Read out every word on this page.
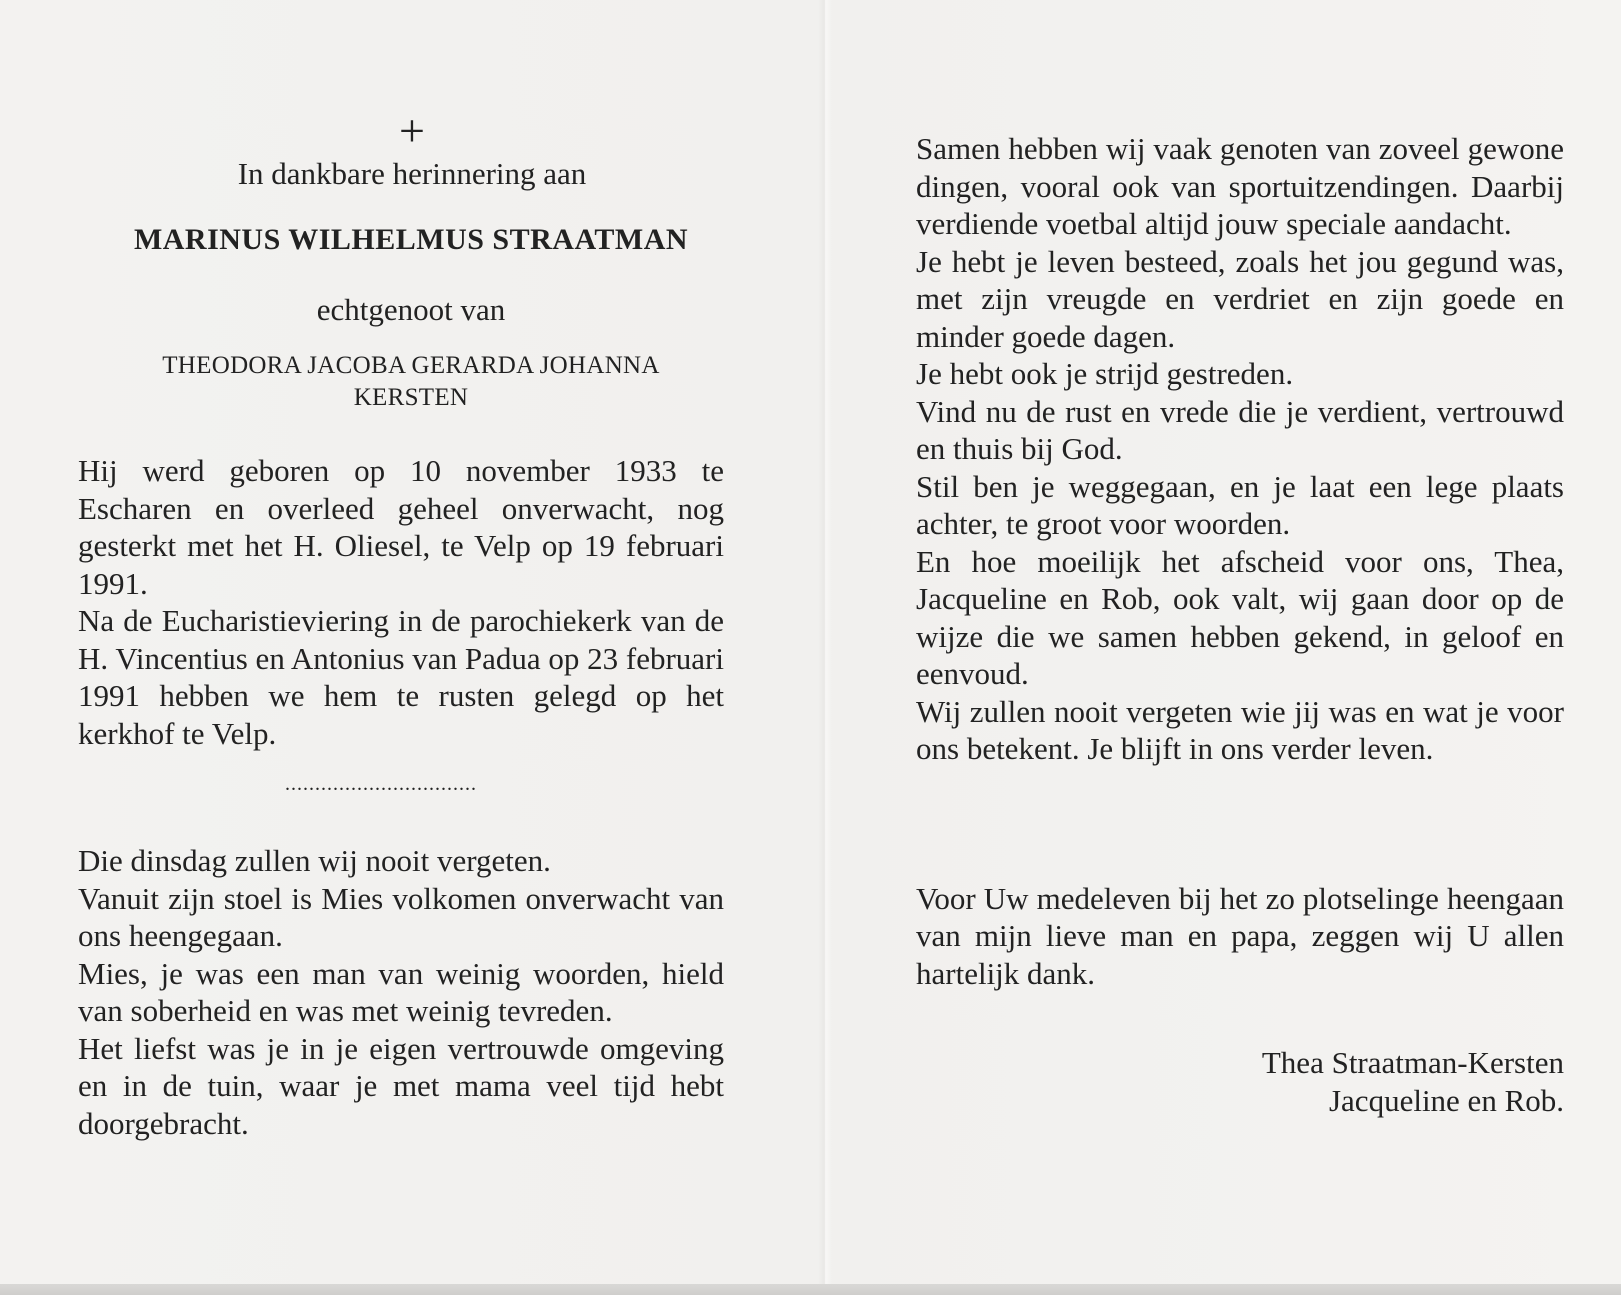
+
In dankbare herinnering aan
MARINUS WILHELMUS STRAATMAN
echtgenoot van
THEODORA JACOBA GERARDA JOHANNA
KERSTEN

Hij werd geboren op 10 november 1933 te Escharen en overleed geheel onverwacht, nog gesterkt met het H. Oliesel, te Velp op 19 februari 1991.

Na de Eucharistieviering in de parochiekerk van de H. Vincentius en Antonius van Padua op 23 februari 1991 hebben we hem te rusten gelegd op het kerkhof te Velp.

................................

Die dinsdag zullen wij nooit vergeten.

Vanuit zijn stoel is Mies volkomen onverwacht van ons heengegaan.

Mies, je was een man van weinig woorden, hield van soberheid en was met weinig tevreden.

Het liefst was je in je eigen vertrouwde omgeving en in de tuin, waar je met mama veel tijd hebt doorgebracht.

Samen hebben wij vaak genoten van zoveel gewone dingen, vooral ook van sportuitzendingen. Daarbij verdiende voetbal altijd jouw speciale aandacht.

Je hebt je leven besteed, zoals het jou gegund was, met zijn vreugde en verdriet en zijn goede en minder goede dagen.

Je hebt ook je strijd gestreden.

Vind nu de rust en vrede die je verdient, vertrouwd en thuis bij God.

Stil ben je weggegaan, en je laat een lege plaats achter, te groot voor woorden.

En hoe moeilijk het afscheid voor ons, Thea, Jacqueline en Rob, ook valt, wij gaan door op de wijze die we samen hebben gekend, in geloof en eenvoud.

Wij zullen nooit vergeten wie jij was en wat je voor ons betekent. Je blijft in ons verder leven.

Voor Uw medeleven bij het zo plotselinge heengaan van mijn lieve man en papa, zeggen wij U allen hartelijk dank.

Thea Straatman-Kersten
Jacqueline en Rob.
